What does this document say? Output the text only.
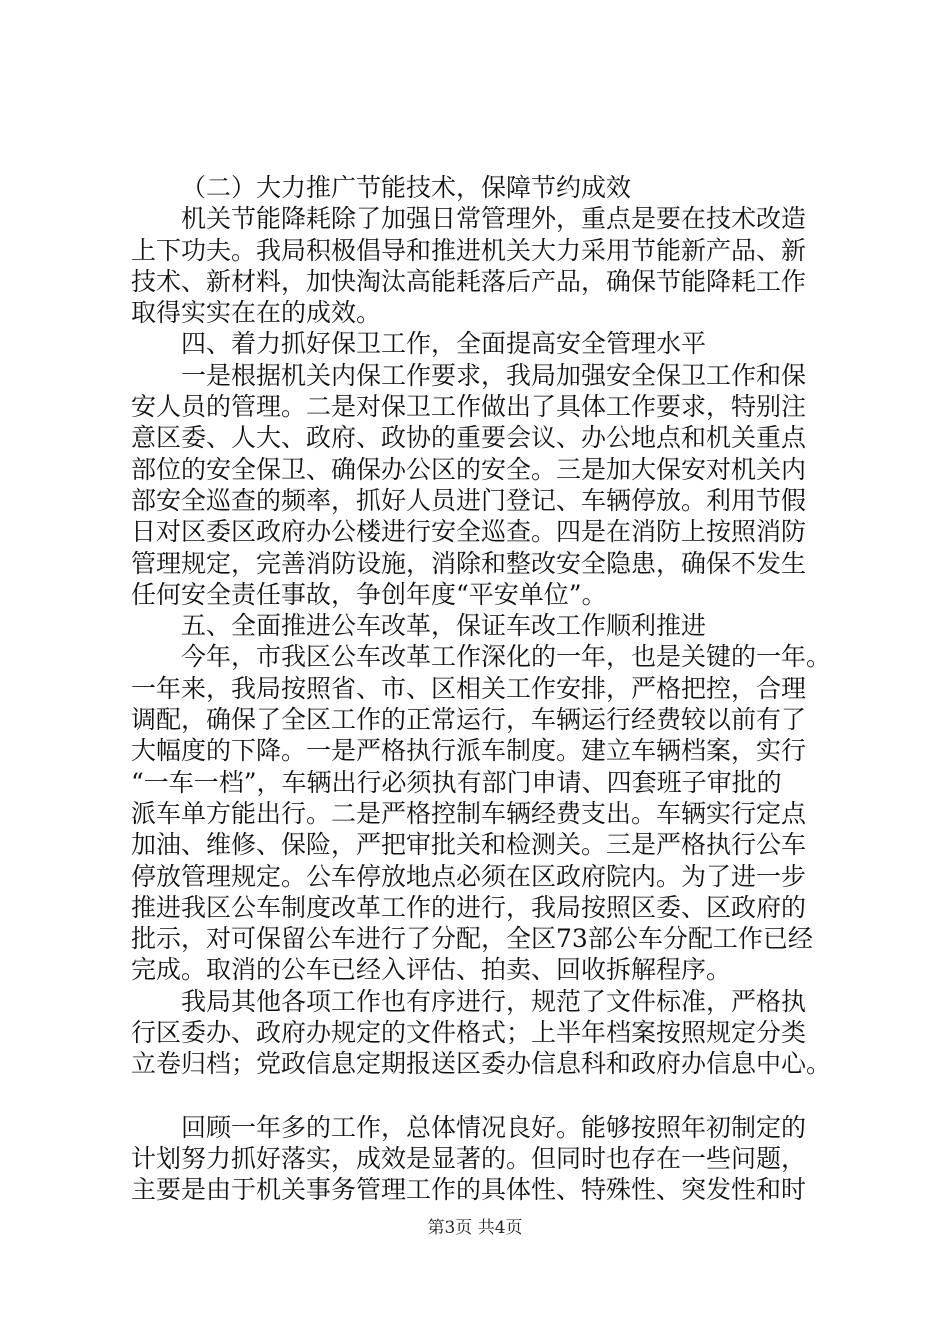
（二）大力推广节能技术，保障节约成效
机关节能降耗除了加强日常管理外，重点是要在技术改造
上下功夫。我局积极倡导和推进机关大力采用节能新产品、新
技术、新材料，加快淘汰高能耗落后产品，确保节能降耗工作
取得实实在在的成效。
四、着力抓好保卫工作，全面提高安全管理水平
一是根据机关内保工作要求，我局加强安全保卫工作和保
安人员的管理。二是对保卫工作做出了具体工作要求，特别注
意区委、人大、政府、政协的重要会议、办公地点和机关重点
部位的安全保卫、确保办公区的安全。三是加大保安对机关内
部安全巡查的频率，抓好人员进门登记、车辆停放。利用节假
日对区委区政府办公楼进行安全巡查。四是在消防上按照消防
管理规定，完善消防设施，消除和整改安全隐患，确保不发生
任何安全责任事故，争创年度“平安单位”。
五、全面推进公车改革，保证车改工作顺利推进
今年，市我区公车改革工作深化的一年，也是关键的一年。
一年来，我局按照省、市、区相关工作安排，严格把控，合理
调配，确保了全区工作的正常运行，车辆运行经费较以前有了
大幅度的下降。一是严格执行派车制度。建立车辆档案，实行
“一车一档”，车辆出行必须执有部门申请、四套班子审批的
派车单方能出行。二是严格控制车辆经费支出。车辆实行定点
加油、维修、保险，严把审批关和检测关。三是严格执行公车
停放管理规定。公车停放地点必须在区政府院内。为了进一步
推进我区公车制度改革工作的进行，我局按照区委、区政府的
批示，对可保留公车进行了分配，全区73部公车分配工作已经
完成。取消的公车已经入评估、拍卖、回收拆解程序。
我局其他各项工作也有序进行，规范了文件标准，严格执
行区委办、政府办规定的文件格式；上半年档案按照规定分类
立卷归档；党政信息定期报送区委办信息科和政府办信息中心。
回顾一年多的工作，总体情况良好。能够按照年初制定的
计划努力抓好落实，成效是显著的。但同时也存在一些问题，
主要是由于机关事务管理工作的具体性、特殊性、突发性和时
第3页 共4页
